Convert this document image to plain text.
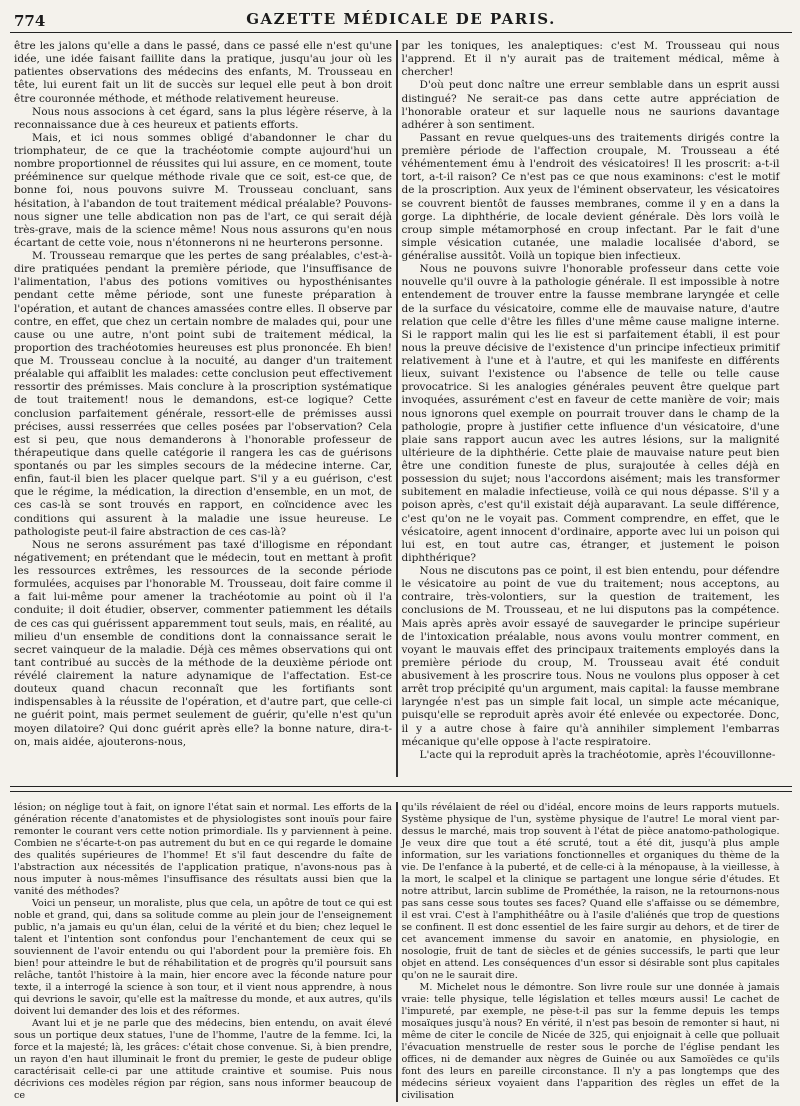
774	GAZETTE MÉDICALE DE PARIS.

être les jalons qu'elle a dans le passé, dans ce passé elle n'est qu'une idée, une idée faisant faillite dans la pratique, jusqu'au jour où les patientes observations des médecins des enfants, M. Trousseau en tête, lui eurent fait un lit de succès sur lequel elle peut à bon droit être couronnée méthode, et méthode relativement heureuse.

Nous nous associons à cet égard, sans la plus légère réserve, à la reconnaissance due à ces heureux et patients efforts.

Mais, et ici nous sommes obligé d'abandonner le char du triomphateur, de ce que la trachéotomie compte aujourd'hui un nombre proportionnel de réussites qui lui assure, en ce moment, toute prééminence sur quelque méthode rivale que ce soit, est-ce que, de bonne foi, nous pouvons suivre M. Trousseau concluant, sans hésitation, à l'abandon de tout traitement médical préalable? Pouvons-nous signer une telle abdication non pas de l'art, ce qui serait déjà très-grave, mais de la science même! Nous nous assurons qu'en nous écartant de cette voie, nous n'étonnerons ni ne heurterons personne.

M. Trousseau remarque que les pertes de sang préalables, c'est-à-dire pratiquées pendant la première période, que l'insuffisance de l'alimentation, l'abus des potions vomitives ou hyposthénisantes pendant cette même période, sont une funeste préparation à l'opération, et autant de chances amassées contre elles. Il observe par contre, en effet, que chez un certain nombre de malades qui, pour une cause ou une autre, n'ont point subi de traitement médical, la proportion des trachéotomies heureuses est plus prononcée. Eh bien! que M. Trousseau conclue à la nocuité, au danger d'un traitement préalable qui affaiblit les malades: cette conclusion peut effectivement ressortir des prémisses. Mais conclure à la proscription systématique de tout traitement! nous le demandons, est-ce logique? Cette conclusion parfaitement générale, ressort-elle de prémisses aussi précises, aussi resserrées que celles posées par l'observation? Cela est si peu, que nous demanderons à l'honorable professeur de thérapeutique dans quelle catégorie il rangera les cas de guérisons spontanés ou par les simples secours de la médecine interne. Car, enfin, faut-il bien les placer quelque part. S'il y a eu guérison, c'est que le régime, la médication, la direction d'ensemble, en un mot, de ces cas-là se sont trouvés en rapport, en coïncidence avec les conditions qui assurent à la maladie une issue heureuse. Le pathologiste peut-il faire abstraction de ces cas-là?

Nous ne serons assurément pas taxé d'illogisme en répondant négativement; en prétendant que le médecin, tout en mettant à profit les ressources extrêmes, les ressources de la seconde période formulées, acquises par l'honorable M. Trousseau, doit faire comme il a fait lui-même pour amener la trachéotomie au point où il l'a conduite; il doit étudier, observer, commenter patiemment les détails de ces cas qui guérissent apparemment tout seuls, mais, en réalité, au milieu d'un ensemble de conditions dont la connaissance serait le secret vainqueur de la maladie. Déjà ces mêmes observations qui ont tant contribué au succès de la méthode de la deuxième période ont révélé clairement la nature adynamique de l'affectation. Est-ce douteux quand chacun reconnaît que les fortifiants sont indispensables à la réussite de l'opération, et d'autre part, que celle-ci ne guérit point, mais permet seulement de guérir, qu'elle n'est qu'un moyen dilatoire? Qui donc guérit après elle? la bonne nature, dira-t-on, mais aidée, ajouterons-nous,

par les toniques, les analeptiques: c'est M. Trousseau qui nous l'apprend. Et il n'y aurait pas de traitement médical, même à chercher!

D'où peut donc naître une erreur semblable dans un esprit aussi distingué? Ne serait-ce pas dans cette autre appréciation de l'honorable orateur et sur laquelle nous ne saurions davantage adhérer à son sentiment.

Passant en revue quelques-uns des traitements dirigés contre la première période de l'affection croupale, M. Trousseau a été véhémentement ému à l'endroit des vésicatoires! Il les proscrit: a-t-il tort, a-t-il raison? Ce n'est pas ce que nous examinons: c'est le motif de la proscription. Aux yeux de l'éminent observateur, les vésicatoires se couvrent bientôt de fausses membranes, comme il y en a dans la gorge. La diphthérie, de locale devient générale. Dès lors voilà le croup simple métamorphosé en croup infectant. Par le fait d'une simple vésication cutanée, une maladie localisée d'abord, se généralise aussitôt. Voilà un topique bien infectieux.

Nous ne pouvons suivre l'honorable professeur dans cette voie nouvelle qu'il ouvre à la pathologie générale. Il est impossible à notre entendement de trouver entre la fausse membrane laryngée et celle de la surface du vésicatoire, comme elle de mauvaise nature, d'autre relation que celle d'être les filles d'une même cause maligne interne. Si le rapport malin qui les lie est si parfaitement établi, il est pour nous la preuve décisive de l'existence d'un principe infectieux primitif relativement à l'une et à l'autre, et qui les manifeste en différents lieux, suivant l'existence ou l'absence de telle ou telle cause provocatrice. Si les analogies générales peuvent être quelque part invoquées, assurément c'est en faveur de cette manière de voir; mais nous ignorons quel exemple on pourrait trouver dans le champ de la pathologie, propre à justifier cette influence d'un vésicatoire, d'une plaie sans rapport aucun avec les autres lésions, sur la malignité ultérieure de la diphthérie. Cette plaie de mauvaise nature peut bien être une condition funeste de plus, surajoutée à celles déjà en possession du sujet; nous l'accordons aisément; mais les transformer subitement en maladie infectieuse, voilà ce qui nous dépasse. S'il y a poison après, c'est qu'il existait déjà auparavant. La seule différence, c'est qu'on ne le voyait pas. Comment comprendre, en effet, que le vésicatoire, agent innocent d'ordinaire, apporte avec lui un poison qui lui est, en tout autre cas, étranger, et justement le poison diphthérique?

Nous ne discutons pas ce point, il est bien entendu, pour défendre le vésicatoire au point de vue du traitement; nous acceptons, au contraire, très-volontiers, sur la question de traitement, les conclusions de M. Trousseau, et ne lui disputons pas la compétence. Mais après après avoir essayé de sauvegarder le principe supérieur de l'intoxication préalable, nous avons voulu montrer comment, en voyant le mauvais effet des principaux traitements employés dans la première période du croup, M. Trousseau avait été conduit abusivement à les proscrire tous. Nous ne voulons plus opposer à cet arrêt trop précipité qu'un argument, mais capital: la fausse membrane laryngée n'est pas un simple fait local, un simple acte mécanique, puisqu'elle se reproduit après avoir été enlevée ou expectorée. Donc, il y a autre chose à faire qu'à annihiler simplement l'embarras mécanique qu'elle oppose à l'acte respiratoire.

L'acte qui la reproduit après la trachéotomie, après l'écouvillonne-

lésion; on néglige tout à fait, on ignore l'état sain et normal. Les efforts de la génération récente d'anatomistes et de physiologistes sont inouïs pour faire remonter le courant vers cette notion primordiale. Ils y parviennent à peine. Combien ne s'écarte-t-on pas autrement du but en ce qui regarde le domaine des qualités supérieures de l'homme! Et s'il faut descendre du faîte de l'abstraction aux nécessités de l'application pratique, n'avons-nous pas à nous imputer à nous-mêmes l'insuffisance des résultats aussi bien que la vanité des méthodes?

Voici un penseur, un moraliste, plus que cela, un apôtre de tout ce qui est noble et grand, qui, dans sa solitude comme au plein jour de l'enseignement public, n'a jamais eu qu'un élan, celui de la vérité et du bien; chez lequel le talent et l'intention sont confondus pour l'enchantement de ceux qui se souviennent de l'avoir entendu ou qui l'abordent pour la première fois. Eh bien! pour atteindre le but de réhabilitation et de progrès qu'il poursuit sans relâche, tantôt l'histoire à la main, hier encore avec la féconde nature pour texte, il a interrogé la science à son tour, et il vient nous apprendre, à nous qui devrions le savoir, qu'elle est la maîtresse du monde, et aux autres, qu'ils doivent lui demander des lois et des réformes.

Avant lui et je ne parle que des médecins, bien entendu, on avait élevé sous un portique deux statues, l'une de l'homme, l'autre de la femme. Ici, la force et la majesté; là, les grâces: c'était chose convenue. Si, à bien prendre, un rayon d'en haut illuminait le front du premier, le geste de pudeur oblige caractérisait celle-ci par une attitude craintive et soumise. Puis nous décrivions ces modèles région par région, sans nous informer beaucoup de ce

qu'ils révélaient de réel ou d'idéal, encore moins de leurs rapports mutuels. Système physique de l'un, système physique de l'autre! Le moral vient par-dessus le marché, mais trop souvent à l'état de pièce anatomo-pathologique. Je veux dire que tout a été scruté, tout a été dit, jusqu'à plus ample information, sur les variations fonctionnelles et organiques du thème de la vie. De l'enfance à la puberté, et de celle-ci à la ménopause, à la vieillesse, à la mort, le scalpel et la clinique se partagent une longue série d'études. Et notre attribut, larcin sublime de Prométhée, la raison, ne la retournons-nous pas sans cesse sous toutes ses faces? Quand elle s'affaisse ou se démembre, il est vrai. C'est à l'amphithéâtre ou à l'asile d'aliénés que trop de questions se confinent. Il est donc essentiel de les faire surgir au dehors, et de tirer de cet avancement immense du savoir en anatomie, en physiologie, en nosologie, fruit de tant de siècles et de génies successifs, le parti que leur objet en attend. Les conséquences d'un essor si désirable sont plus capitales qu'on ne le saurait dire.

M. Michelet nous le démontre. Son livre roule sur une donnée à jamais vraie: telle physique, telle législation et telles mœurs aussi! Le cachet de l'impureté, par exemple, ne pèse-t-il pas sur la femme depuis les temps mosaïques jusqu'à nous? En vérité, il n'est pas besoin de remonter si haut, ni même de citer le concile de Nicée de 325, qui enjoignait à celle que polluait l'évacuation menstruelle de rester sous le porche de l'église pendant les offices, ni de demander aux nègres de Guinée ou aux Samoïèdes ce qu'ils font des leurs en pareille circonstance. Il n'y a pas longtemps que des médecins sérieux voyaient dans l'apparition des règles un effet de la civilisation
